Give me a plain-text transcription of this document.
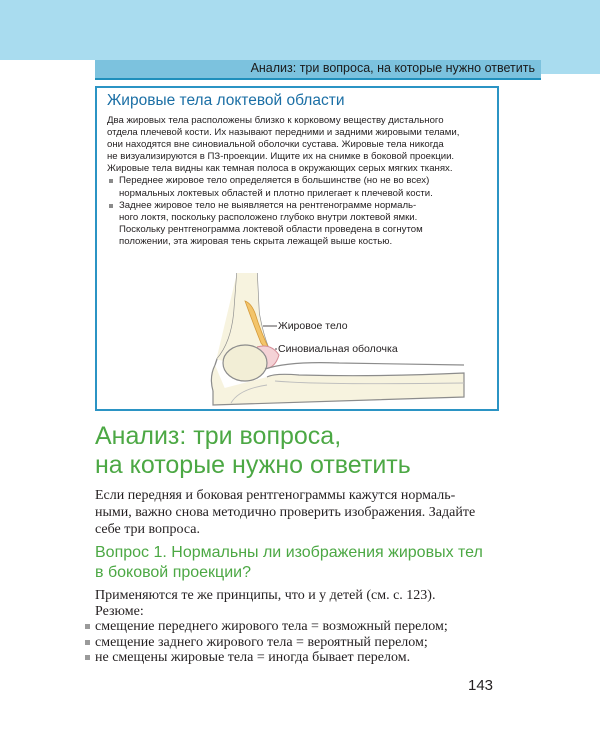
Анализ: три вопроса, на которые нужно ответить
Жировые тела локтевой области

Два жировых тела расположены близко к корковому веществу дистального
отдела плечевой кости. Их называют передними и задними жировыми телами,
они находятся вне синовиальной оболочки сустава. Жировые тела никогда
не визуализируются в ПЗ-проекции. Ищите их на снимке в боковой проекции.
Жировые тела видны как темная полоса в окружающих серых мягких тканях.

Переднее жировое тело определяется в большинстве (но не во всех)
нормальных локтевых областей и плотно прилегает к плечевой кости.
Заднее жировое тело не выявляется на рентгенограмме нормаль-
ного локтя, поскольку расположено глубоко внутри локтевой ямки.
Поскольку рентгенограмма локтевой области проведена в согнутом
положении, эта жировая тень скрыта лежащей выше костью.
Жировое тело
Синовиальная оболочка
Анализ: три вопроса,
на которые нужно ответить
Если передняя и боковая рентгенограммы кажутся нормаль-
ными, важно снова методично проверить изображения. Задайте
себе три вопроса.
Вопрос 1. Нормальны ли изображения жировых тел
в боковой проекции?
Применяются те же принципы, что и у детей (см. с. 123).
Резюме:
смещение переднего жирового тела = возможный перелом;
смещение заднего жирового тела = вероятный перелом;
не смещены жировые тела = иногда бывает перелом.
143
